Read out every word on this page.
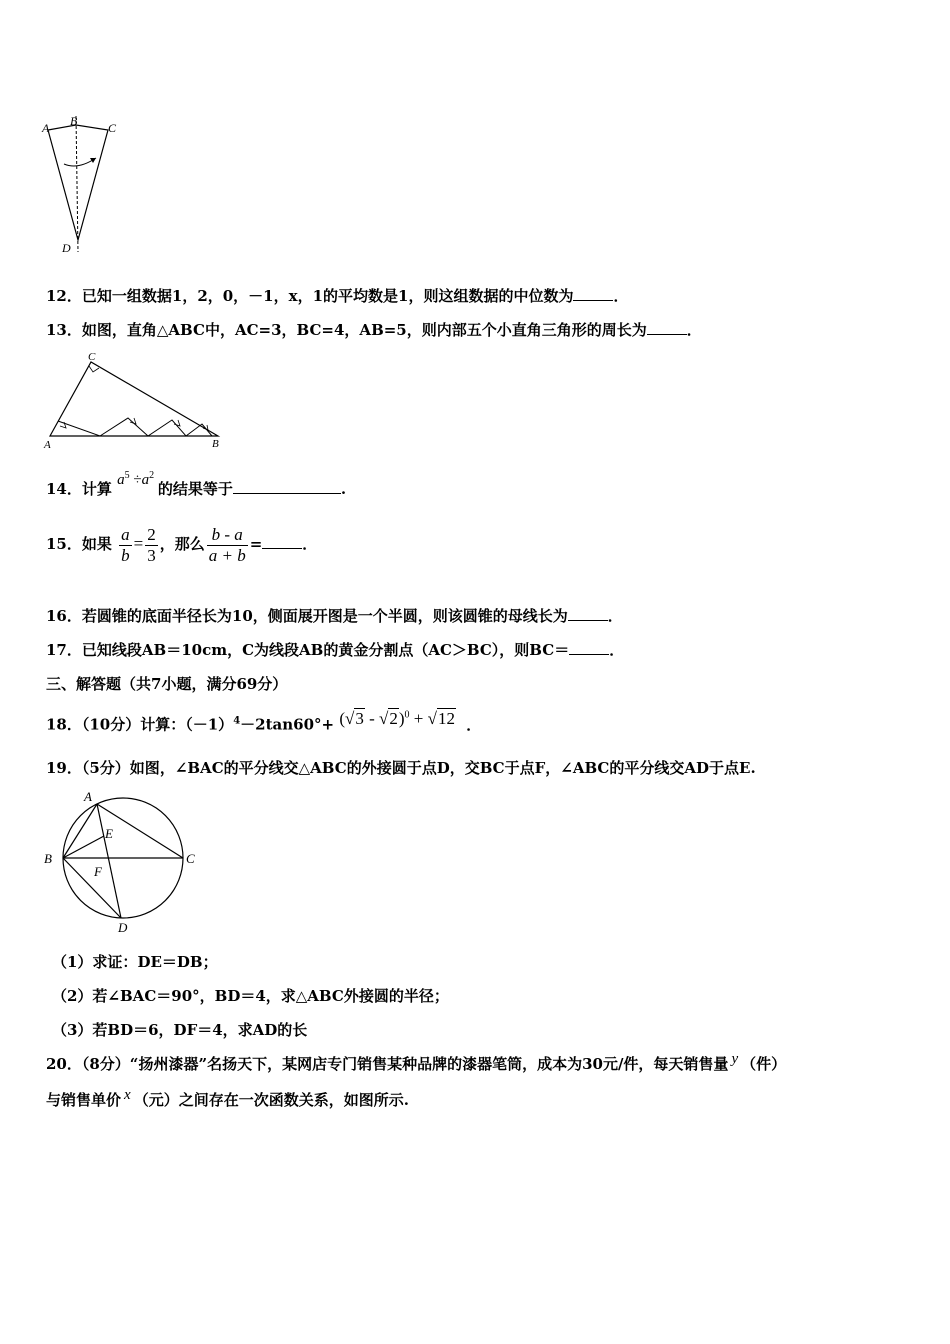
A B	C
D
12．已知一组数据1，2，0，－1，x，1的平均数是1，则这组数据的中位数为	．
13．如图，直角△ABC中，AC=3，BC=4，AB=5，则内部五个小直角三角形的周长为	．
C
A	B
14．计算 $a^5 \div a^2$ 的结果等于	.
15．如果 $\frac{a}{b} = \frac{2}{3}$ ，那么 $\frac{b - a}{a + b}$ =	．
16．若圆锥的底面半径长为10，侧面展开图是一个半圆，则该圆锥的母线长为	．
17．已知线段AB＝10cm，C为线段AB的黄金分割点（AC＞BC），则BC＝	．
三、解答题（共7小题，满分69分）
18．（10分）计算：$(-1)^4-2\tan 60^\circ+ (√3 - √2)^0 + √12$ ．
19．（5分）如图，∠BAC的平分线交△ABC的外接圆于点D，交BC于点F，∠ABC的平分线交AD于点E.
A
B	C
D
E
F
（1）求证：DE＝DB；
（2）若∠BAC＝90°，BD＝4，求△ABC外接圆的半径；
（3）若BD＝6，DF＝4，求AD的长
20．（8分）“扬州漆器”名扬天下，某网店专门销售某种品牌的漆器笔筒，成本为30元/件，每天销售量 y （件）
与销售单价 x （元）之间存在一次函数关系，如图所示.
